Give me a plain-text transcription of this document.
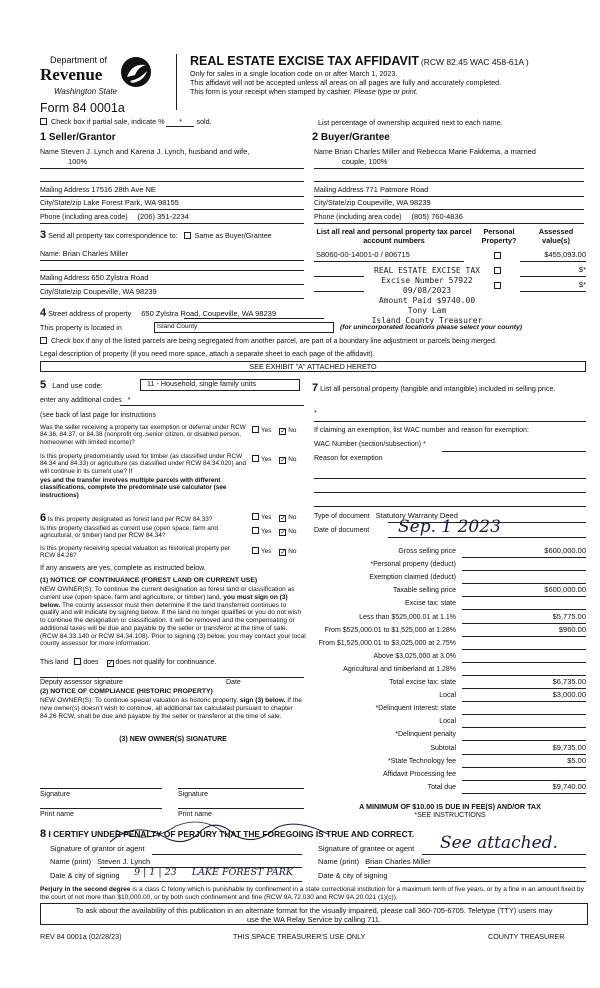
Department of
Revenue
Washington State
Form 84 0001a
REAL ESTATE EXCISE TAX AFFIDAVIT (RCW 82.45 WAC 458-61A )
Only for sales in a single location code on or after March 1, 2023.
This affidavit will not be accepted unless all areas on all pages are fully and accurately completed.
This form is your receipt when stamped by cashier. Please type or print.
Check box if partial sale, indicate % * sold.	List percentage of ownership acquired next to each name.
1 Seller/Grantor
Name Steven J. Lynch and Karena J. Lynch, husband and wife,
100%
Mailing Address 17516 28th Ave NE
City/State/zip Lake Forest Park, WA 98155
Phone (including area code) (206) 351-2234
2 Buyer/Grantee
Name Brian Charles Miller and Rebecca Marie Fakkema, a married
couple, 100%
Mailing Address 771 Patmore Road
City/State/zip Coupeville, WA 98239
Phone (including area code) (805) 760-4836
3 Send all property tax correspondence to: Same as Buyer/Grantee
Name: Brian Charles Miller
Mailing Address 650 Zylstra Road
City/State/zip Coupeville, WA 98239
List all real and personal property tax parcel account numbers
Personal Property?
Assessed value(s)
S8060-00-14001-0 / 806715	$455,093.00
$*
$*
REAL ESTATE EXCISE TAX
Excise Number 57922
09/08/2023
Amount Paid $9740.00
Tony Lam
Island County Treasurer
4 Street address of property 650 Zylstra Road, Coupeville, WA 98239
This property is located in	Island County	(for unincorporated locations please select your county)
Check box if any of the listed parcels are being segregated from another parcel, are part of a boundary line adjustment or parcels being merged.
Legal description of property (if you need more space, attach a separate sheet to each page of the affidavit).
SEE EXHIBIT "A" ATTACHED HERETO
5 Land use code:	11 - Household, single family units
enter any additional codes *
(see back of last page for instructions
Was the seller receiving a property tax exemption or deferral under RCW 84.36, 84.37, or 84.38 (nonprofit org.,senior citizen, or disabled person, homeowner with limited income)?
Yes ✓ No
Is this property predominantly used for timber (as classified under RCW 84.34 and 84.33) or agriculture (as classified under RCW 84.34.020) and will continue in its current use? If
yes and the transfer involves multiple parcels with different classifications, complete the predominate use calculator (see instructions)
Yes ✓ No
6 Is this property designated as forest land per RCW 84.33?	Yes ✓ No
Is this property classified as current use (open space, farm and agricultural, or timber) land per RCW 84.34?
Yes ✓ No
Is this property receiving special valuation as historical property per RCW 84.26?
Yes ✓ No
If any answers are yes, complete as instructed below.
(1) NOTICE OF CONTINUANCE (FOREST LAND OR CURRENT USE)
NEW OWNER(S): To continue the current designation as forest land or classification as current use (open space, farm and agriculture, or timber) land, you must sign on (3) below. The county assessor must then determine if the land transferred continues to qualify and will indicate by signing below. If the land no longer qualifies or you do not wish to continue the designation or classification, it will be removed and the compensating or additional taxes will be due and payable by the seller or transferor at the time of sale. (RCW 84.33.140 or RCW 84.34.108). Prior to signing (3) below, you may contact your local county assessor for more information.
This land does ✓ does not qualify for continuance.
Deputy assessor signature	Date
(2) NOTICE OF COMPLIANCE (HISTORIC PROPERTY)
NEW OWNER(S): To continue special valuation as historic property, sign (3) below. If the new owner(s) doesn't wish to continue, all additional tax calculated pursuant to chapter 84.26 RCW, shall be due and payable by the seller or transferor at the time of sale.
(3) NEW OWNER(S) SIGNATURE
Signature	Signature
Print name	Print name
7 List all personal property (tangible and intangible) included in selling price.
*
If claiming an exemption, list WAC number and reason for exemption:
WAC Number (section/subsection) *
Reason for exemption
Type of document Statutory Warranty Deed
Date of document Sep. 1 2023
Gross selling price	$600,000.00
*Personal property (deduct)
Exemption claimed (deduct)
Taxable selling price	$600,000.00
Excise tax: state
Less than $525,000.01 at 1.1%	$5,775.00
From $525,000.01 to $1,525,000 at 1.28%	$960.00
From $1,525,000.01 to $3,025,000 at 2.75%
Above $3,025,000 at 3.0%
Agricultural and timberland at 1.28%
Total excise tax: state	$6,735.00
Local	$3,000.00
*Delinquent Interest: state
Local
*Delinquent penalty
Subtotal	$9,735.00
*State Technology fee	$5.00
Affidavit Processing fee
Total due	$9,740.00
A MINIMUM OF $10.00 IS DUE IN FEE(S) AND/OR TAX
*SEE INSTRUCTIONS
8 I CERTIFY UNDER PENALTY OF PERJURY THAT THE FOREGOING IS TRUE AND CORRECT.
Signature of grantor or agent	Signature of grantee or agent See attached.
Name (print) Steven J. Lynch	Name (print) Brian Charles Miller
Date & city of signing 9 | 1 | 23     LAKE FOREST PARK	Date & city of signing
Perjury in the second degree is a class C felony which is punishable by confinement in a state correctional institution for a maximum term of five years, or by a fine in an amount fixed by the court of not more than $10,000.00, or by both such confinement and fine (RCW 9A.72.030 and RCW 9A.20.021 (1)(c)).
To ask about the availability of this publication in an alternate format for the visually impaired, please call 360-705-6705. Teletype (TTY) users may use the WA Relay Service by calling 711.
REV 84 0001a (02/28/23)	THIS SPACE TREASURER'S USE ONLY	COUNTY TREASURER
